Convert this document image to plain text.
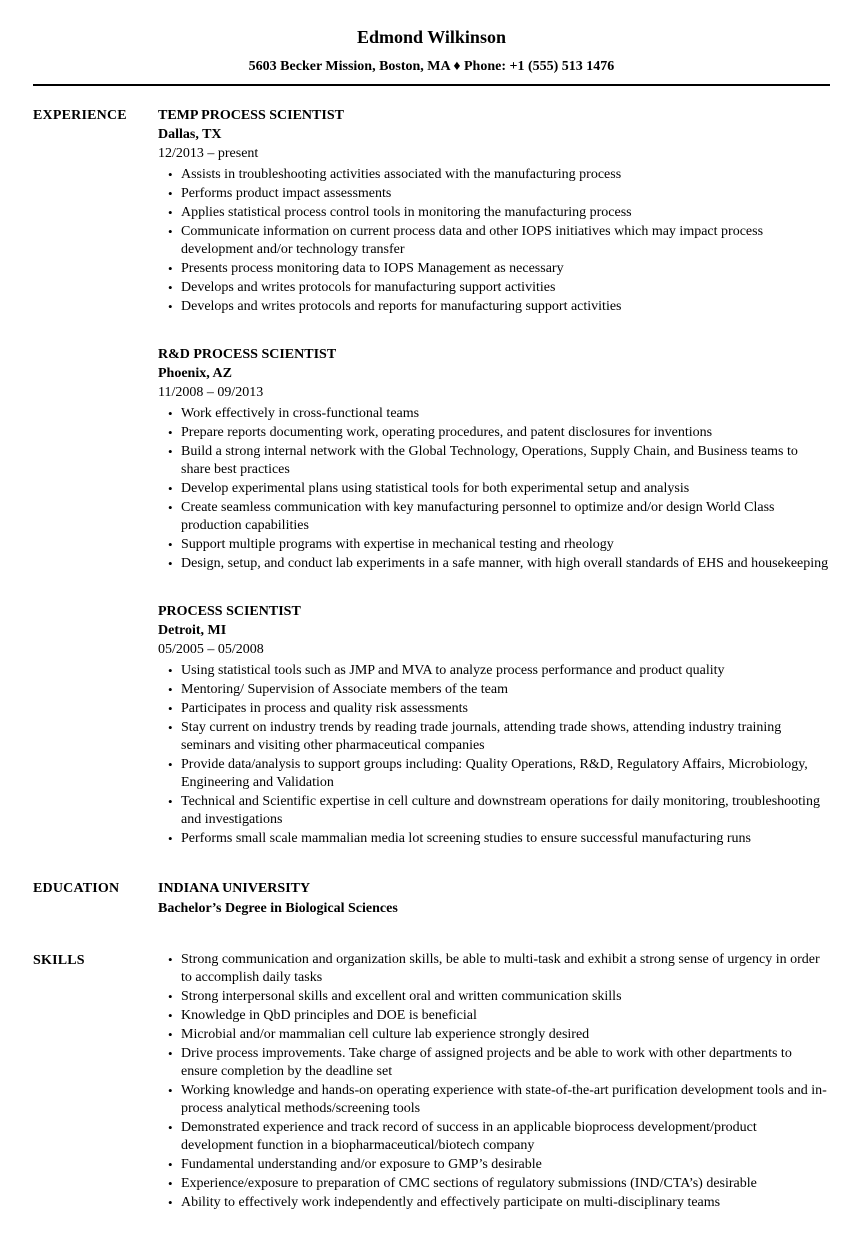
Edmond Wilkinson
5603 Becker Mission, Boston, MA ♦ Phone: +1 (555) 513 1476
EXPERIENCE	TEMP PROCESS SCIENTIST
Dallas, TX
12/2013 – present
• Assists in troubleshooting activities associated with the manufacturing process
• Performs product impact assessments
• Applies statistical process control tools in monitoring the manufacturing process
• Communicate information on current process data and other IOPS initiatives which may impact process development and/or technology transfer
• Presents process monitoring data to IOPS Management as necessary
• Develops and writes protocols for manufacturing support activities
• Develops and writes protocols and reports for manufacturing support activities
R&D PROCESS SCIENTIST
Phoenix, AZ
11/2008 – 09/2013
• Work effectively in cross-functional teams
• Prepare reports documenting work, operating procedures, and patent disclosures for inventions
• Build a strong internal network with the Global Technology, Operations, Supply Chain, and Business teams to share best practices
• Develop experimental plans using statistical tools for both experimental setup and analysis
• Create seamless communication with key manufacturing personnel to optimize and/or design World Class production capabilities
• Support multiple programs with expertise in mechanical testing and rheology
• Design, setup, and conduct lab experiments in a safe manner, with high overall standards of EHS and housekeeping
PROCESS SCIENTIST
Detroit, MI
05/2005 – 05/2008
• Using statistical tools such as JMP and MVA to analyze process performance and product quality
• Mentoring/ Supervision of Associate members of the team
• Participates in process and quality risk assessments
• Stay current on industry trends by reading trade journals, attending trade shows, attending industry training seminars and visiting other pharmaceutical companies
• Provide data/analysis to support groups including: Quality Operations, R&D, Regulatory Affairs, Microbiology, Engineering and Validation
• Technical and Scientific expertise in cell culture and downstream operations for daily monitoring, troubleshooting and investigations
• Performs small scale mammalian media lot screening studies to ensure successful manufacturing runs
EDUCATION	INDIANA UNIVERSITY
Bachelor’s Degree in Biological Sciences
SKILLS	• Strong communication and organization skills, be able to multi-task and exhibit a strong sense of urgency in order to accomplish daily tasks
• Strong interpersonal skills and excellent oral and written communication skills
• Knowledge in QbD principles and DOE is beneficial
• Microbial and/or mammalian cell culture lab experience strongly desired
• Drive process improvements. Take charge of assigned projects and be able to work with other departments to ensure completion by the deadline set
• Working knowledge and hands-on operating experience with state-of-the-art purification development tools and in-process analytical methods/screening tools
• Demonstrated experience and track record of success in an applicable bioprocess development/product development function in a biopharmaceutical/biotech company
• Fundamental understanding and/or exposure to GMP’s desirable
• Experience/exposure to preparation of CMC sections of regulatory submissions (IND/CTA’s) desirable
• Ability to effectively work independently and effectively participate on multi-disciplinary teams
